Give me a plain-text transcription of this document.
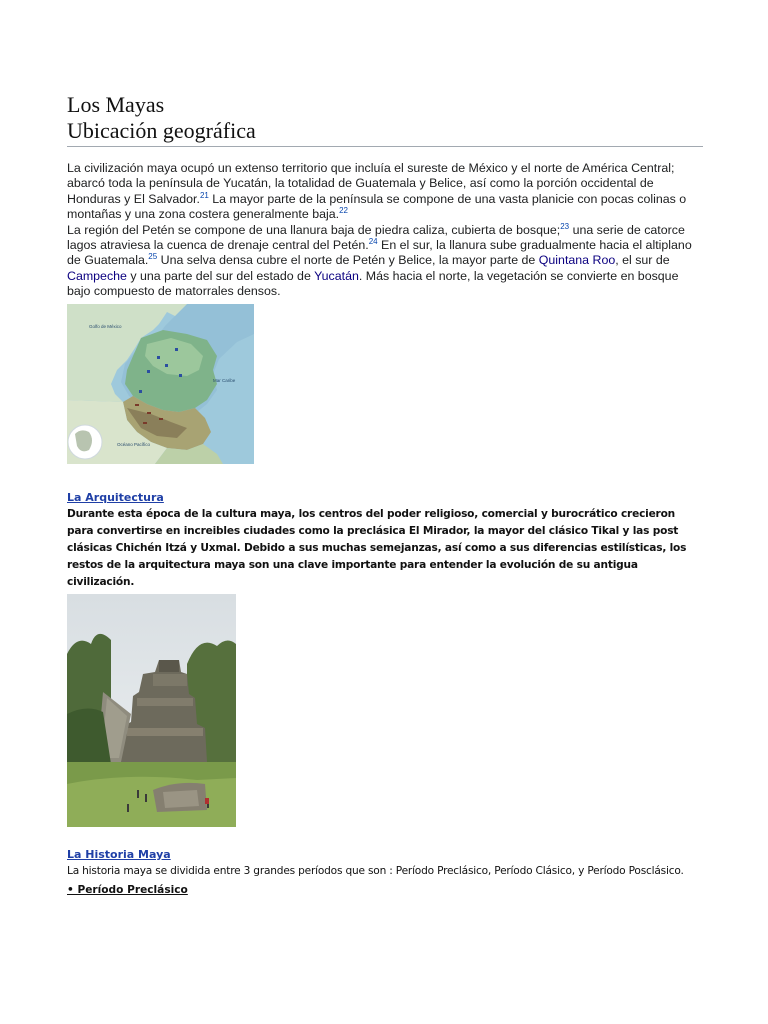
Los Mayas
Ubicación geográfica

La civilización maya ocupó un extenso territorio que incluía el sureste de México y el norte de América Central; abarcó toda la península de Yucatán, la totalidad de Guatemala y Belice, así como la porción occidental de Honduras y El Salvador.$^{21}$ La mayor parte de la península se compone de una vasta planicie con pocas colinas o montañas y una zona costera generalmente baja.$^{22}$

La región del Petén se compone de una llanura baja de piedra caliza, cubierta de bosque;$^{23}$ una serie de catorce lagos atraviesa la cuenca de drenaje central del Petén.$^{24}$ En el sur, la llanura sube gradualmente hacia el altiplano de Guatemala.$^{25}$ Una selva densa cubre el norte de Petén y Belice, la mayor parte de Quintana Roo, el sur de Campeche y una parte del sur del estado de Yucatán. Más hacia el norte, la vegetación se convierte en bosque bajo compuesto de matorrales densos.

Golfo de México
Mar Caribe
Océano Pacífico
La Arquitectura

Durante esta época de la cultura maya, los centros del poder religioso, comercial y burocrático crecieron para convertirse en increibles ciudades como la preclásica El Mirador, la mayor del clásico Tikal y las post clásicas Chichén Itzá y Uxmal. Debido a sus muchas semejanzas, así como a sus diferencias estilísticas, los restos de la arquitectura maya son una clave importante para entender la evolución de su antigua civilización.

La Historia Maya

La historia maya se dividida entre 3 grandes períodos que son : Período Preclásico, Período Clásico, y Período Posclásico.

• Período Preclásico
